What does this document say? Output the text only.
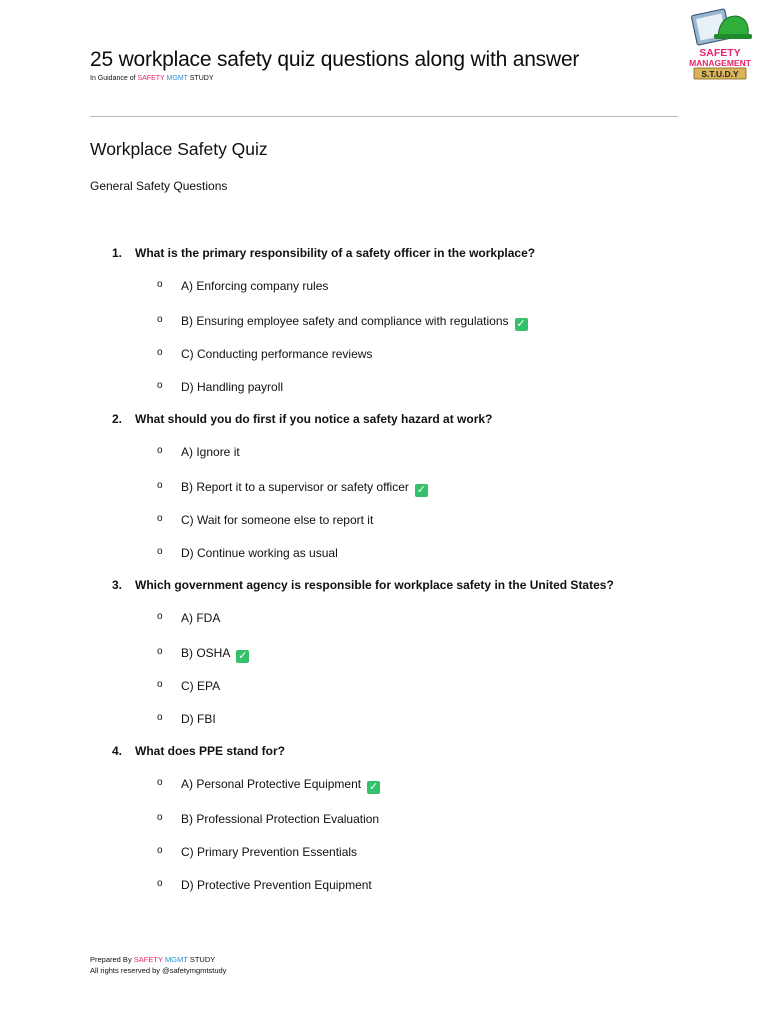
25 workplace safety quiz questions along with answer
In Guidance of SAFETY MGMT STUDY
SAFETY
MANAGEMENT
S.T.U.D.Y
Workplace Safety Quiz
General Safety Questions
1.	What is the primary responsibility of a safety officer in the workplace?
o A) Enforcing company rules
o B) Ensuring employee safety and compliance with regulations ✓
o C) Conducting performance reviews
o D) Handling payroll
2.	What should you do first if you notice a safety hazard at work?
o A) Ignore it
o B) Report it to a supervisor or safety officer ✓
o C) Wait for someone else to report it
o D) Continue working as usual
3.	Which government agency is responsible for workplace safety in the United States?
o A) FDA
o B) OSHA ✓
o C) EPA
o D) FBI
4.	What does PPE stand for?
o A) Personal Protective Equipment ✓
o B) Professional Protection Evaluation
o C) Primary Prevention Essentials
o D) Protective Prevention Equipment
Prepared By SAFETY MGMT STUDY
All rights reserved by @safetymgmtstudy
